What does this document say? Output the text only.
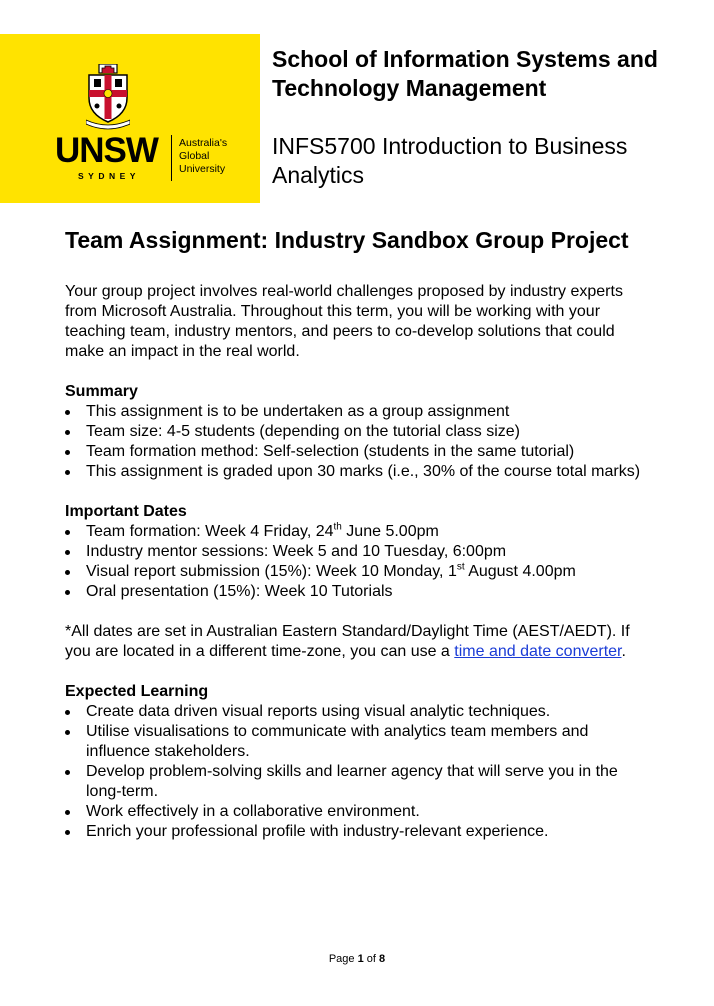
UNSW
SYDNEY
Australia's
Global
University

School of Information Systems and Technology Management

INFS5700 Introduction to Business Analytics

Team Assignment: Industry Sandbox Group Project

Your group project involves real-world challenges proposed by industry experts from Microsoft Australia. Throughout this term, you will be working with your teaching team, industry mentors, and peers to co-develop solutions that could make an impact in the real world.

Summary
This assignment is to be undertaken as a group assignment
Team size: 4-5 students (depending on the tutorial class size)
Team formation method: Self-selection (students in the same tutorial)
This assignment is graded upon 30 marks (i.e., 30% of the course total marks)
Important Dates
Team formation: Week 4 Friday, 24th June 5.00pm
Industry mentor sessions: Week 5 and 10 Tuesday, 6:00pm
Visual report submission (15%): Week 10 Monday, 1st August 4.00pm
Oral presentation (15%): Week 10 Tutorials

*All dates are set in Australian Eastern Standard/Daylight Time (AEST/AEDT). If you are located in a different time-zone, you can use a time and date converter.

Expected Learning
Create data driven visual reports using visual analytic techniques.
Utilise visualisations to communicate with analytics team members and influence stakeholders.
Develop problem-solving skills and learner agency that will serve you in the long-term.
Work effectively in a collaborative environment.
Enrich your professional profile with industry-relevant experience.
Page 1 of 8
